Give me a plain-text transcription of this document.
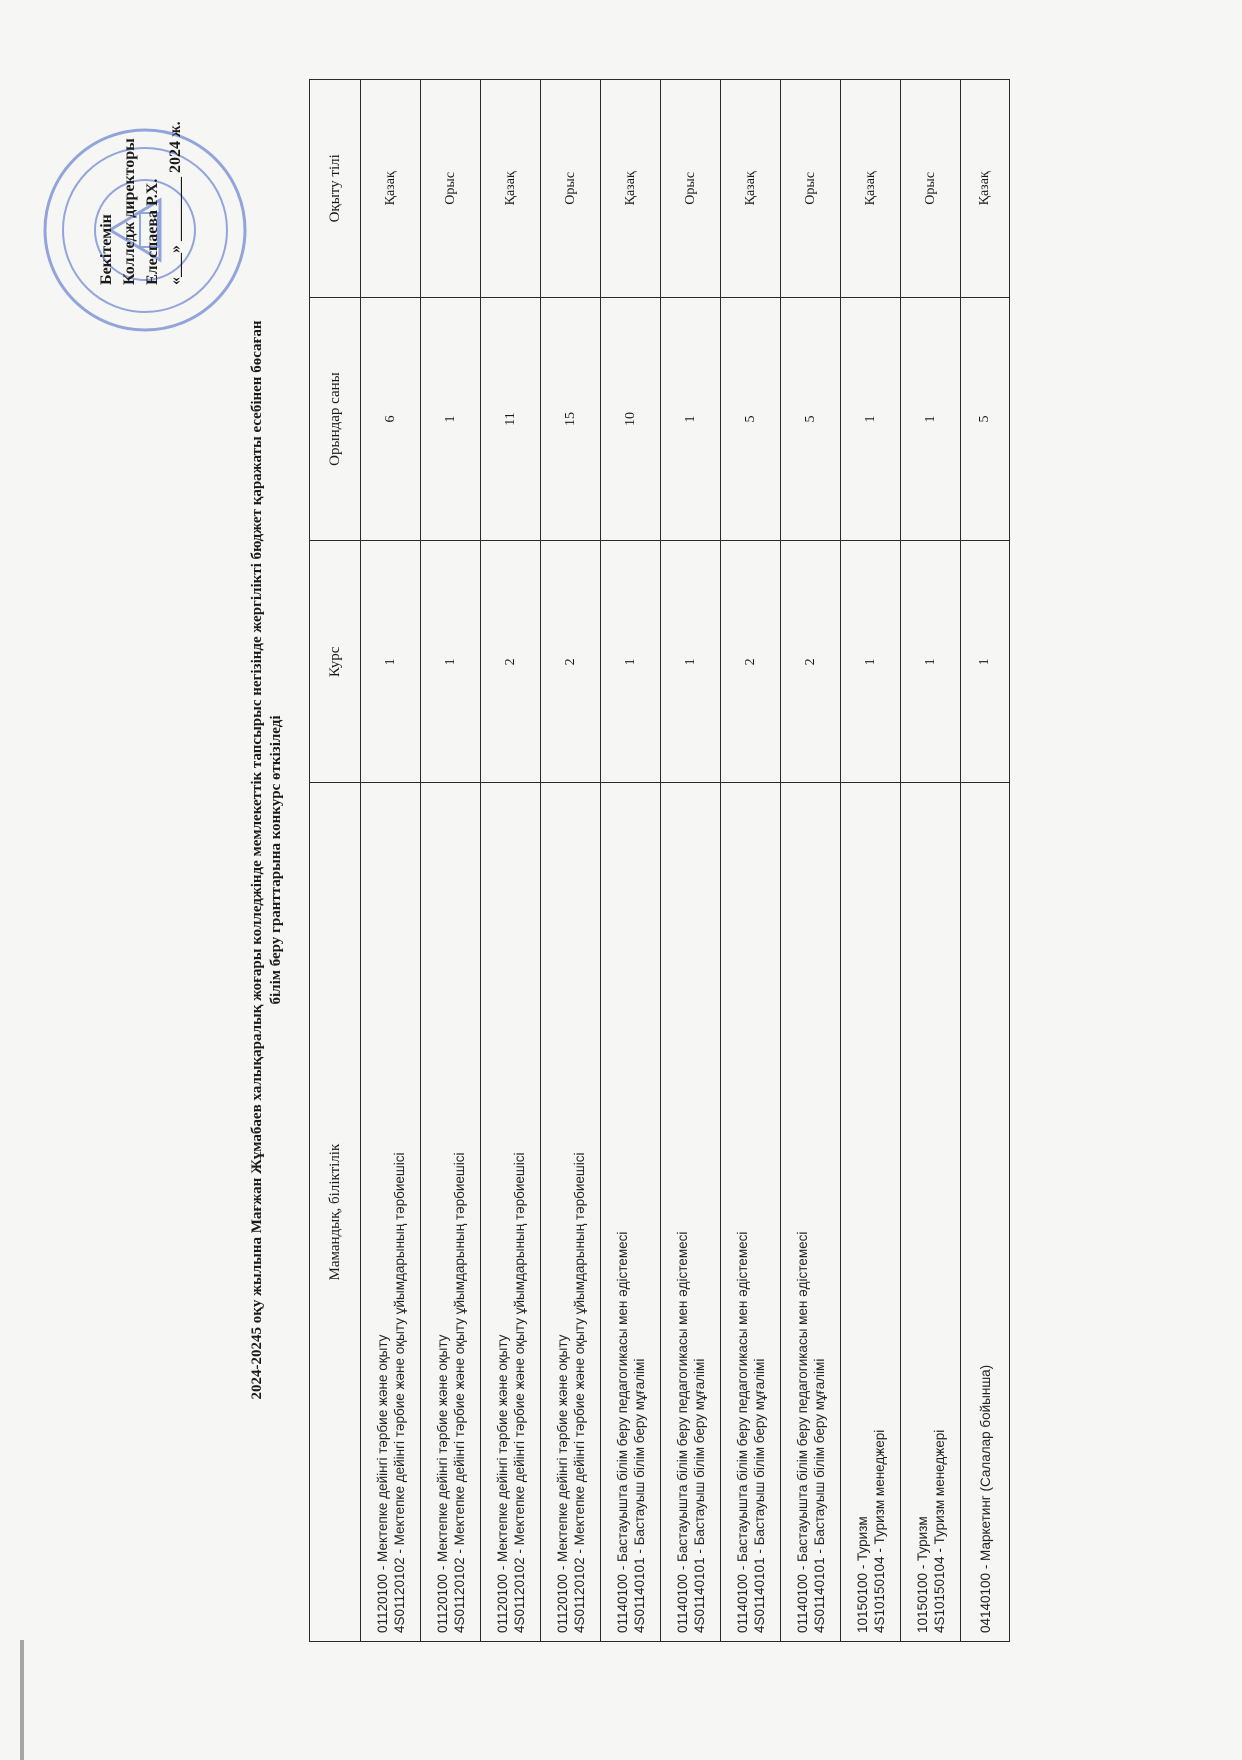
Бекітемін Колледж директоры Елеспаева Р.Х. «___» ________ 2024 ж.
2024-20245 оқу жылына Мағжан Жұмабаев халықаралық жоғары колледжінде мемлекеттік тапсырыс негізінде жергілікті бюджет қаражаты есебінен бөсаған білім беру гранттарына конкурс өткізіледі
Мамандық, біліктілік	Курс	Орындар саны	Оқыту тілі

01120100 - Мектепке дейінгі тәрбие және оқыту 4S01120102 - Мектепке дейінгі тәрбие және оқыту ұйымдарының тәрбиешісі	1	6	Қазақ

01120100 - Мектепке дейінгі тәрбие және оқыту 4S01120102 - Мектепке дейінгі тәрбие және оқыту ұйымдарының тәрбиешісі	1	1	Орыс

01120100 - Мектепке дейінгі тәрбие және оқыту 4S01120102 - Мектепке дейінгі тәрбие және оқыту ұйымдарының тәрбиешісі	2	11	Қазақ

01120100 - Мектепке дейінгі тәрбие және оқыту 4S01120102 - Мектепке дейінгі тәрбие және оқыту ұйымдарының тәрбиешісі	2	15	Орыс

01140100 - Бастауышта білім беру педагогикасы мен әдістемесі 4S01140101 - Бастауыш білім беру мұғалімі	1	10	Қазақ

01140100 - Бастауышта білім беру педагогикасы мен әдістемесі 4S01140101 - Бастауыш білім беру мұғалімі	1	1	Орыс

01140100 - Бастауышта білім беру педагогикасы мен әдістемесі 4S01140101 - Бастауыш білім беру мұғалімі	2	5	Қазақ

01140100 - Бастауышта білім беру педагогикасы мен әдістемесі 4S01140101 - Бастауыш білім беру мұғалімі	2	5	Орыс

10150100 - Туризм 4S10150104 - Туризм менеджері	1	1	Қазақ

10150100 - Туризм 4S10150104 - Туризм менеджері	1	1	Орыс

04140100 - Маркетинг (Салалар бойынша)	1	5	Қазақ
